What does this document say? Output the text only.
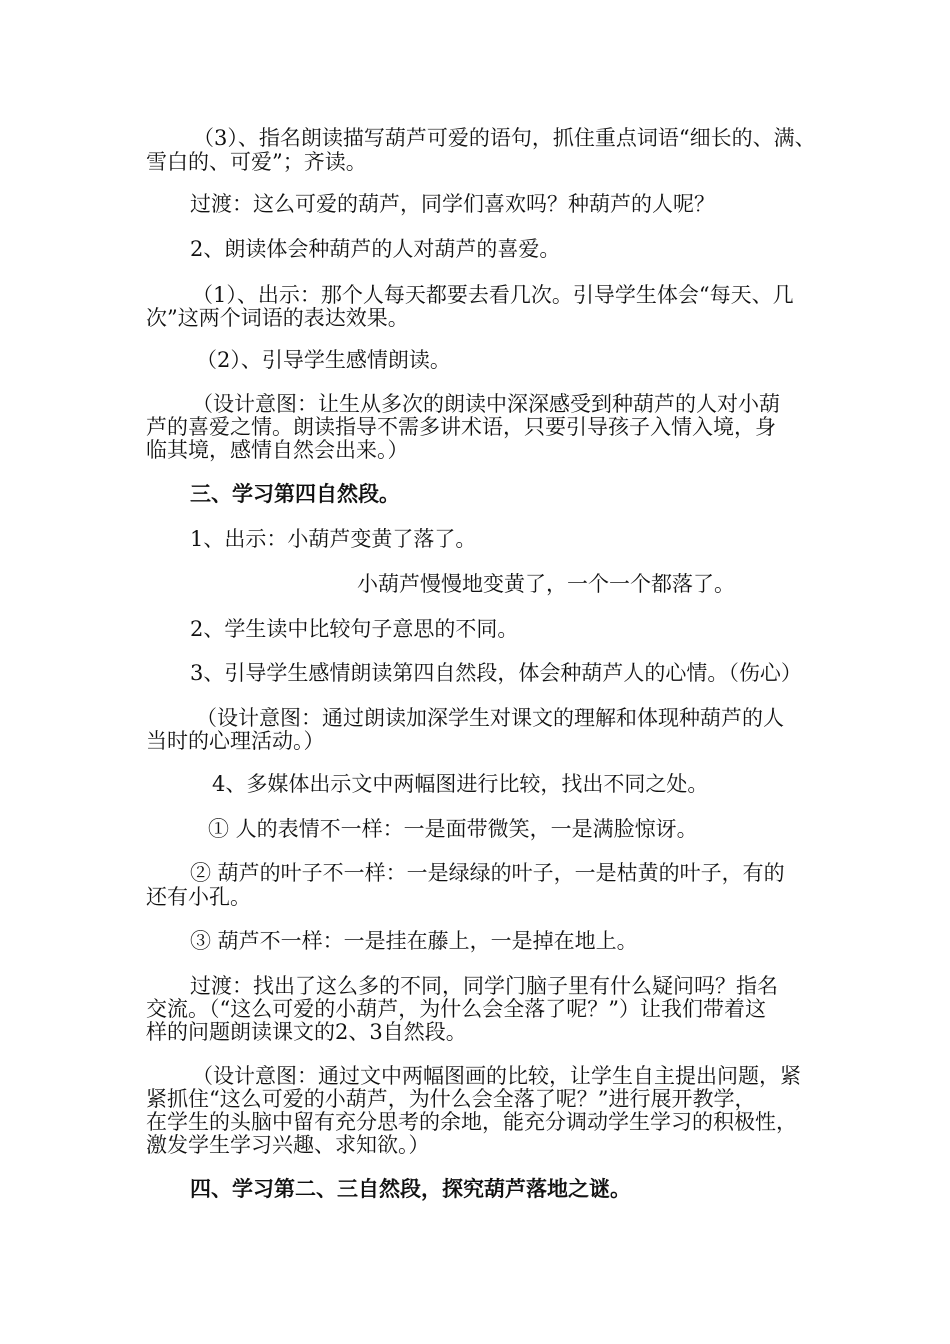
（3）、指名朗读描写葫芦可爱的语句，抓住重点词语“细长的、满、
雪白的、可爱”；齐读。
过渡：这么可爱的葫芦，同学们喜欢吗？种葫芦的人呢？
2、朗读体会种葫芦的人对葫芦的喜爱。
（1）、出示：那个人每天都要去看几次。引导学生体会“每天、几
次”这两个词语的表达效果。
（2）、引导学生感情朗读。
（设计意图：让生从多次的朗读中深深感受到种葫芦的人对小葫
芦的喜爱之情。朗读指导不需多讲术语，只要引导孩子入情入境，身
临其境，感情自然会出来。）
三、学习第四自然段。
1、出示：小葫芦变黄了落了。
小葫芦慢慢地变黄了，一个一个都落了。
2、学生读中比较句子意思的不同。
3、引导学生感情朗读第四自然段，体会种葫芦人的心情。（伤心）
（设计意图：通过朗读加深学生对课文的理解和体现种葫芦的人
当时的心理活动。）
4、多媒体出示文中两幅图进行比较，找出不同之处。
① 人的表情不一样：一是面带微笑，一是满脸惊讶。
② 葫芦的叶子不一样：一是绿绿的叶子，一是枯黄的叶子，有的
还有小孔。
③ 葫芦不一样：一是挂在藤上，一是掉在地上。
过渡：找出了这么多的不同，同学门脑子里有什么疑问吗？指名
交流。（“这么可爱的小葫芦，为什么会全落了呢？”）让我们带着这
样的问题朗读课文的2、3自然段。
（设计意图：通过文中两幅图画的比较，让学生自主提出问题，紧
紧抓住“这么可爱的小葫芦，为什么会全落了呢？”进行展开教学，
在学生的头脑中留有充分思考的余地，能充分调动学生学习的积极性，
激发学生学习兴趣、求知欲。）
四、学习第二、三自然段，探究葫芦落地之谜。
